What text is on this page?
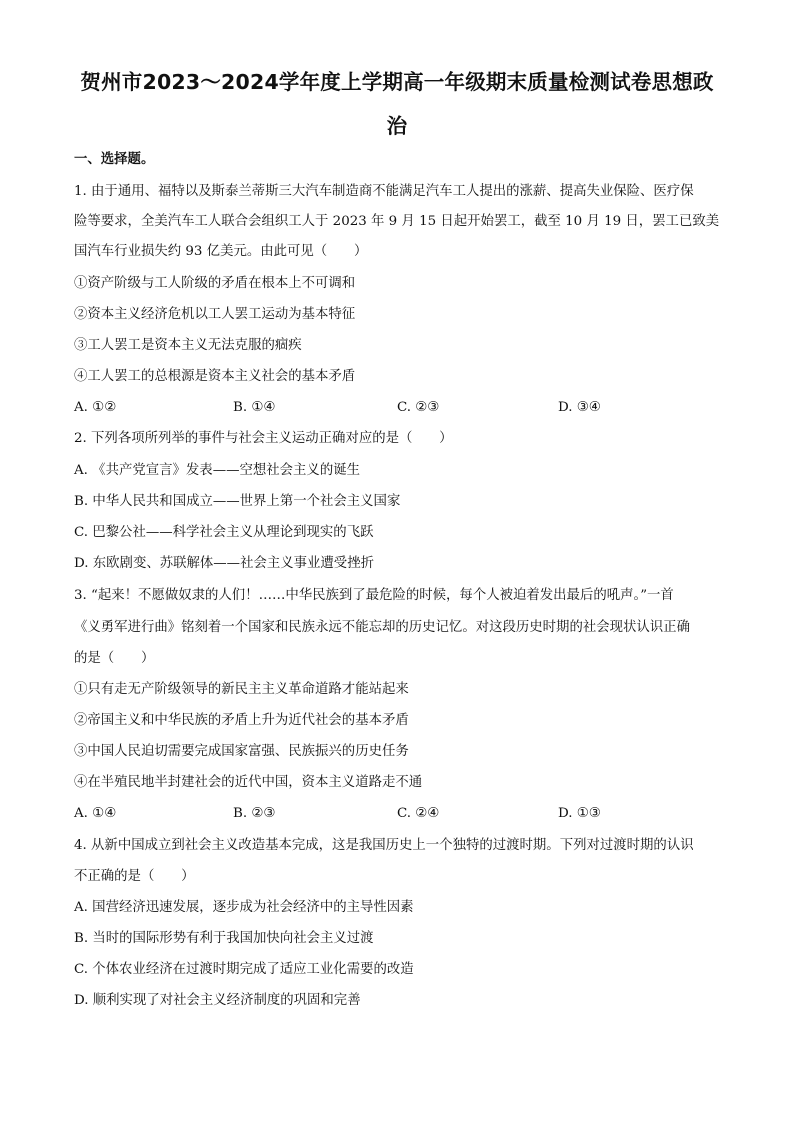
贺州市2023～2024学年度上学期高一年级期末质量检测试卷思想政
治
一、选择题。
1. 由于通用、福特以及斯泰兰蒂斯三大汽车制造商不能满足汽车工人提出的涨薪、提高失业保险、医疗保
险等要求，全美汽车工人联合会组织工人于 2023 年 9 月 15 日起开始罢工，截至 10 月 19 日，罢工已致美
国汽车行业损失约 93 亿美元。由此可见（　　）
①资产阶级与工人阶级的矛盾在根本上不可调和
②资本主义经济危机以工人罢工运动为基本特征
③工人罢工是资本主义无法克服的痼疾
④工人罢工的总根源是资本主义社会的基本矛盾
A. ①②	B. ①④	C. ②③	D. ③④
2. 下列各项所列举的事件与社会主义运动正确对应的是（　　）
A. 《共产党宣言》发表——空想社会主义的诞生
B. 中华人民共和国成立——世界上第一个社会主义国家
C. 巴黎公社——科学社会主义从理论到现实的飞跃
D. 东欧剧变、苏联解体——社会主义事业遭受挫折
3. “起来！不愿做奴隶的人们！……中华民族到了最危险的时候，每个人被迫着发出最后的吼声。”一首
《义勇军进行曲》铭刻着一个国家和民族永远不能忘却的历史记忆。对这段历史时期的社会现状认识正确
的是（　　）
①只有走无产阶级领导的新民主主义革命道路才能站起来
②帝国主义和中华民族的矛盾上升为近代社会的基本矛盾
③中国人民迫切需要完成国家富强、民族振兴的历史任务
④在半殖民地半封建社会的近代中国，资本主义道路走不通
A. ①④	B. ②③	C. ②④	D. ①③
4. 从新中国成立到社会主义改造基本完成，这是我国历史上一个独特的过渡时期。下列对过渡时期的认识
不正确的是（　　）
A. 国营经济迅速发展，逐步成为社会经济中的主导性因素
B. 当时的国际形势有利于我国加快向社会主义过渡
C. 个体农业经济在过渡时期完成了适应工业化需要的改造
D. 顺利实现了对社会主义经济制度的巩固和完善
